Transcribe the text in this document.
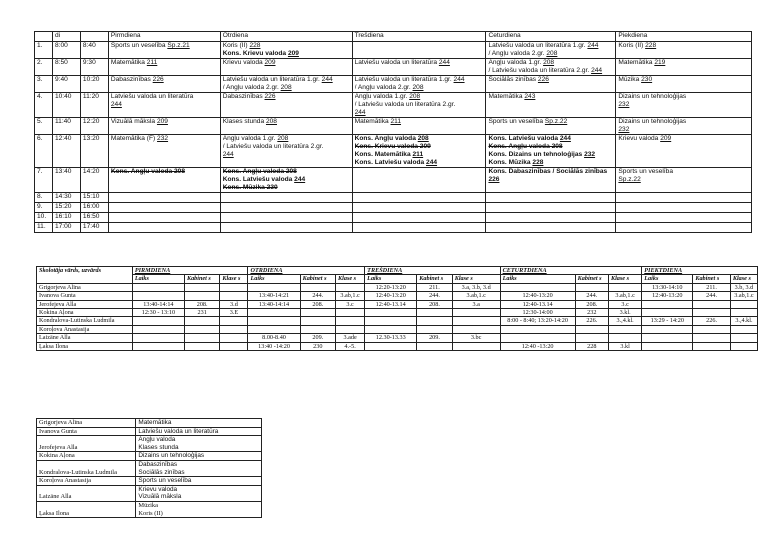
	di		Pirmdiena	Otrdiena	Trešdiena	Ceturdiena	Piekdiena
1.	8:00	8:40	Sports un veselība Sp.z.21	Koris (II) 228
Kons. Krievu valoda 209		Latviešu valoda un literatūra 1.gr. 244
/ Angļu valoda 2.gr. 208	Koris (II) 228

2.	8:50	9:30	Matemātika 211	Krievu valoda 209	Latviešu valoda un literatūra 244	Angļu valoda 1.gr. 208
/ Latviešu valoda un literatūra 2.gr. 244	Matemātika 219

3.	9:40	10:20	Dabaszinības 226	Latviešu valoda un literatūra 1.gr. 244
/ Angļu valoda 2.gr. 208	Latviešu valoda un literatūra 1.gr. 244
/ Angļu valoda 2.gr. 208	Sociālās zinības 226	Mūzika 230

4.	10:40	11:20	Latviešu valoda un literatūra
244	Dabaszinības 226	Angļu valoda 1.gr. 208
/ Latviešu valoda un literatūra 2.gr.
244	Matemātika 243	Dizains un tehnoloģijas
232

5.	11:40	12:20	Vizuālā māksla 209	Klases stunda 208	Matemātika 211	Sports un veselība Sp.z.22	Dizains un tehnoloģijas
232

6.	12:40	13:20	Matemātika (F) 232	Angļu valoda 1.gr. 208
/ Latviešu valoda un literatūra 2.gr.
244	Kons. Angļu valoda 208
Kons. Krievu valoda 209
Kons. Matemātika 211
Kons. Latviešu valoda 244	Kons. Latviešu valoda 244
Kons. Angļu valoda 208
Kons. Dizains un tehnoloģijas 232
Kons. Mūzika 228	Krievu valoda 209

7.	13:40	14:20	Kons. Angļu valoda 208	Kons. Angļu valoda 208
Kons. Latviešu valoda 244
Kons. Mūzika 230		Kons. Dabaszinības / Sociālās zinības
226	Sports un veselība
Sp.z.22

8.	14:30	15:10					
9.	15:20	16:00					
10.	16:10	16:50					
11.	17:00	17:40					
Skolotāja vārds, uzvārds	PIRMDIENA			OTRDIENA			TREŠDIENA			CETURTDIENA			PIEKTDIENA		
	Laiks	Kabinet s	Klase s	Laiks	Kabinet s	Klase s	Laiks	Kabinet s	Klase s	Laiks	Kabinet s	Klase s	Laiks	Kabinet s	Klase s
Grigorjeva Alīna							12:20-13:20	211.	3.a, 3.b, 3.d				13:30-14:10	211.	3.b, 3.d
Ivanova Gunta				13:40-14:21	244.	3.ab,1.c	12:40-13:20	244.	3.ab,1.c	12:40-13:20	244.	3.ab,1.c	12:40-13:20	244.	3.ab,1.c
Jerofejeva Alla	13:40-14:14	208.	3.d	13:40-14:14	208.	3.c	12:40-13.14	208.	3.a	12:40-13.14	208.	3.c			
Kokina Aļona	12:30 - 13:10	231	3.E							12:30-14:00	232	3.kl.			
Kondralova-Lutinska Ludmila										8:00 - 8:40; 13:20-14:20	226.	3.,4.kl.	13:29 - 14:20	226.	3.,4.kl.
Koroļova Anastasija															
Laizāne Alla				8.00-8.40	209.	3.ade	12.30-13.33	209.	3.bc						
Ļaksa Ilona				13:40 -14:20	230	4.-5.				12:40 -13:20	228	3.kl			
Grigorjeva Alīna	Matemātika

Ivanova Gunta	Latviešu valoda un literatūra

Jerofejeva Alla	Angļu valoda
Klases stunda

Kokina Aļona	Dizains un tehnoloģijas

Kondralova-Lutinska Ludmila	Dabaszinības
Sociālās zinības

Koroļova Anastasija	Sports un veselība

Laizāne Alla	Krievu valoda
Vizuālā māksla

Ļaksa Ilona	Mūzika
Koris (II)
